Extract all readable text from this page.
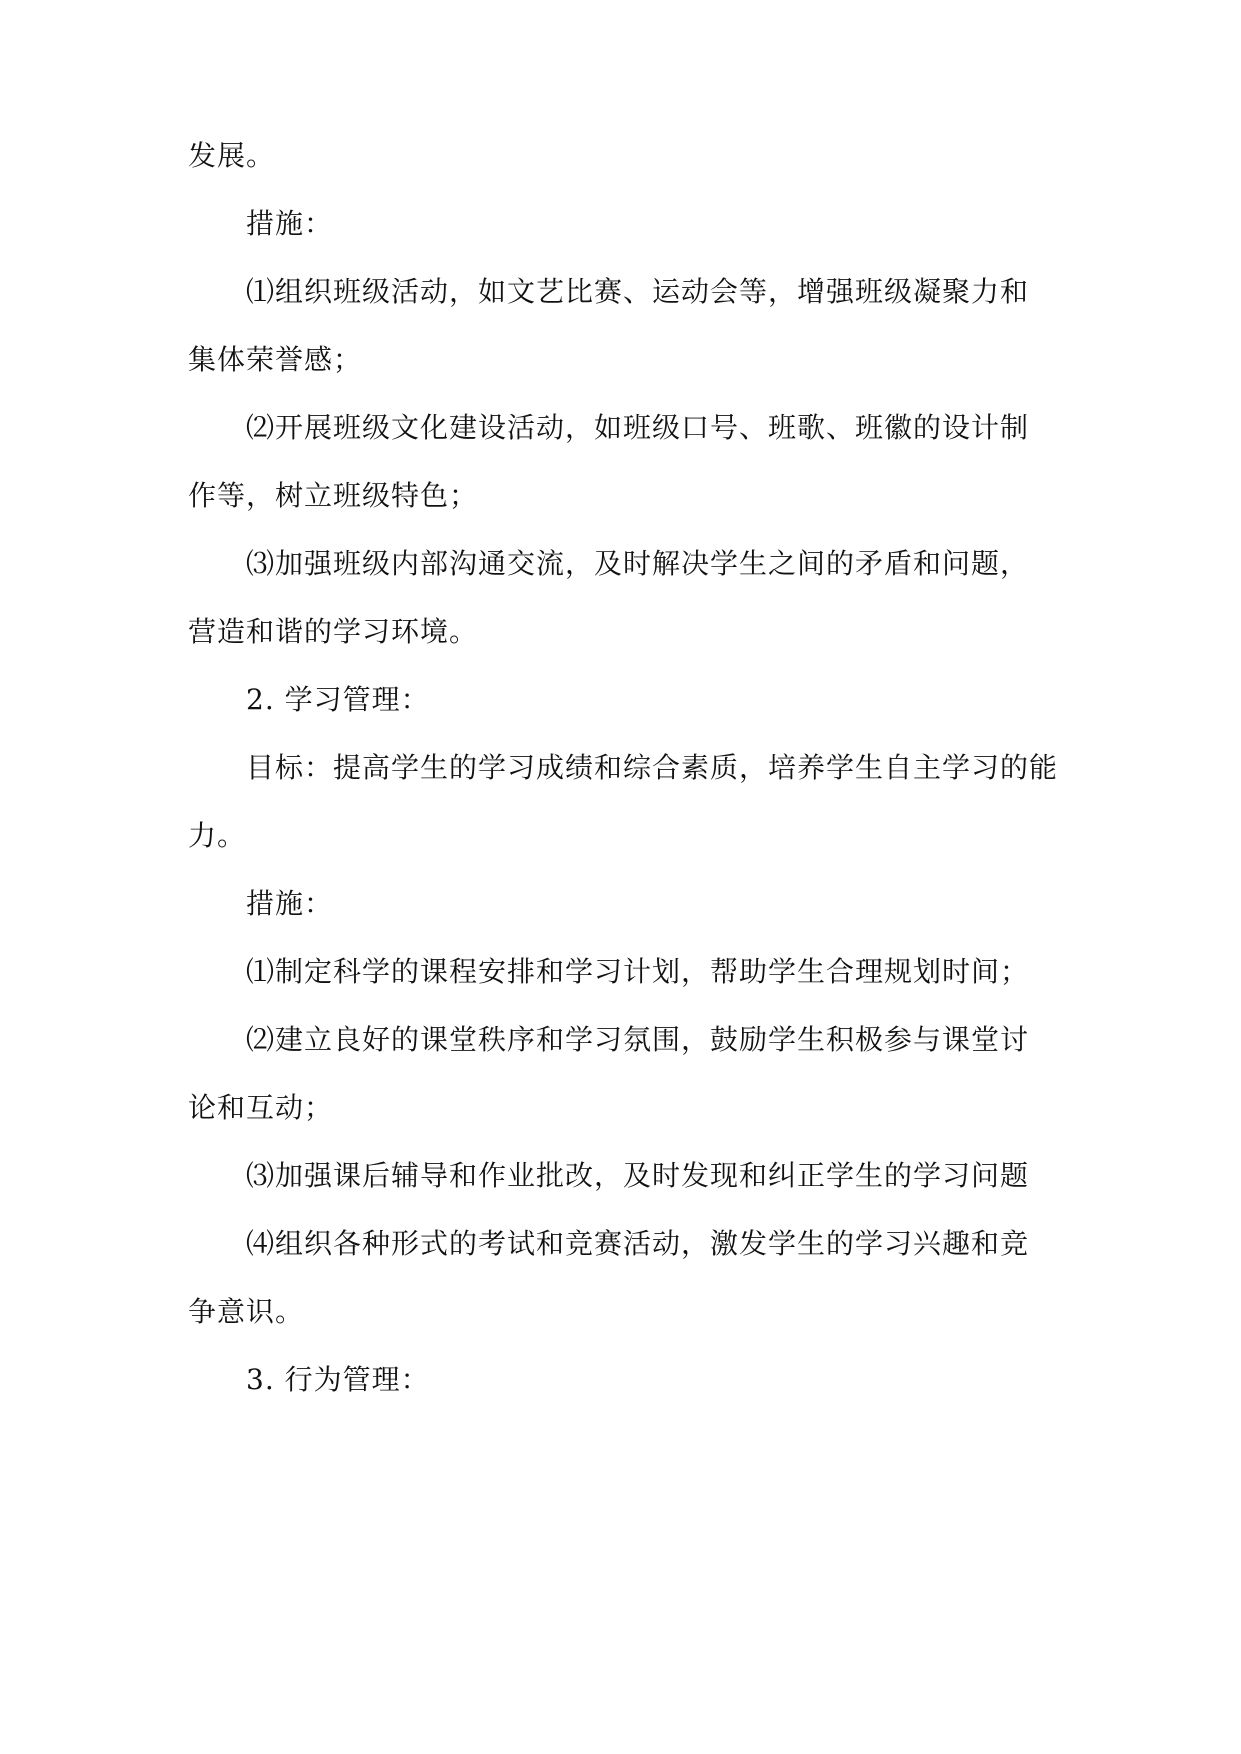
发展。
措施：
⑴组织班级活动，如文艺比赛、运动会等，增强班级凝聚力和
集体荣誉感；
⑵开展班级文化建设活动，如班级口号、班歌、班徽的设计制
作等，树立班级特色；
⑶加强班级内部沟通交流，及时解决学生之间的矛盾和问题，
营造和谐的学习环境。
2. 学习管理：
目标：提高学生的学习成绩和综合素质，培养学生自主学习的能
力。
措施：
⑴制定科学的课程安排和学习计划，帮助学生合理规划时间；
⑵建立良好的课堂秩序和学习氛围，鼓励学生积极参与课堂讨
论和互动；
⑶加强课后辅导和作业批改，及时发现和纠正学生的学习问题
⑷组织各种形式的考试和竞赛活动，激发学生的学习兴趣和竞
争意识。
3. 行为管理：
